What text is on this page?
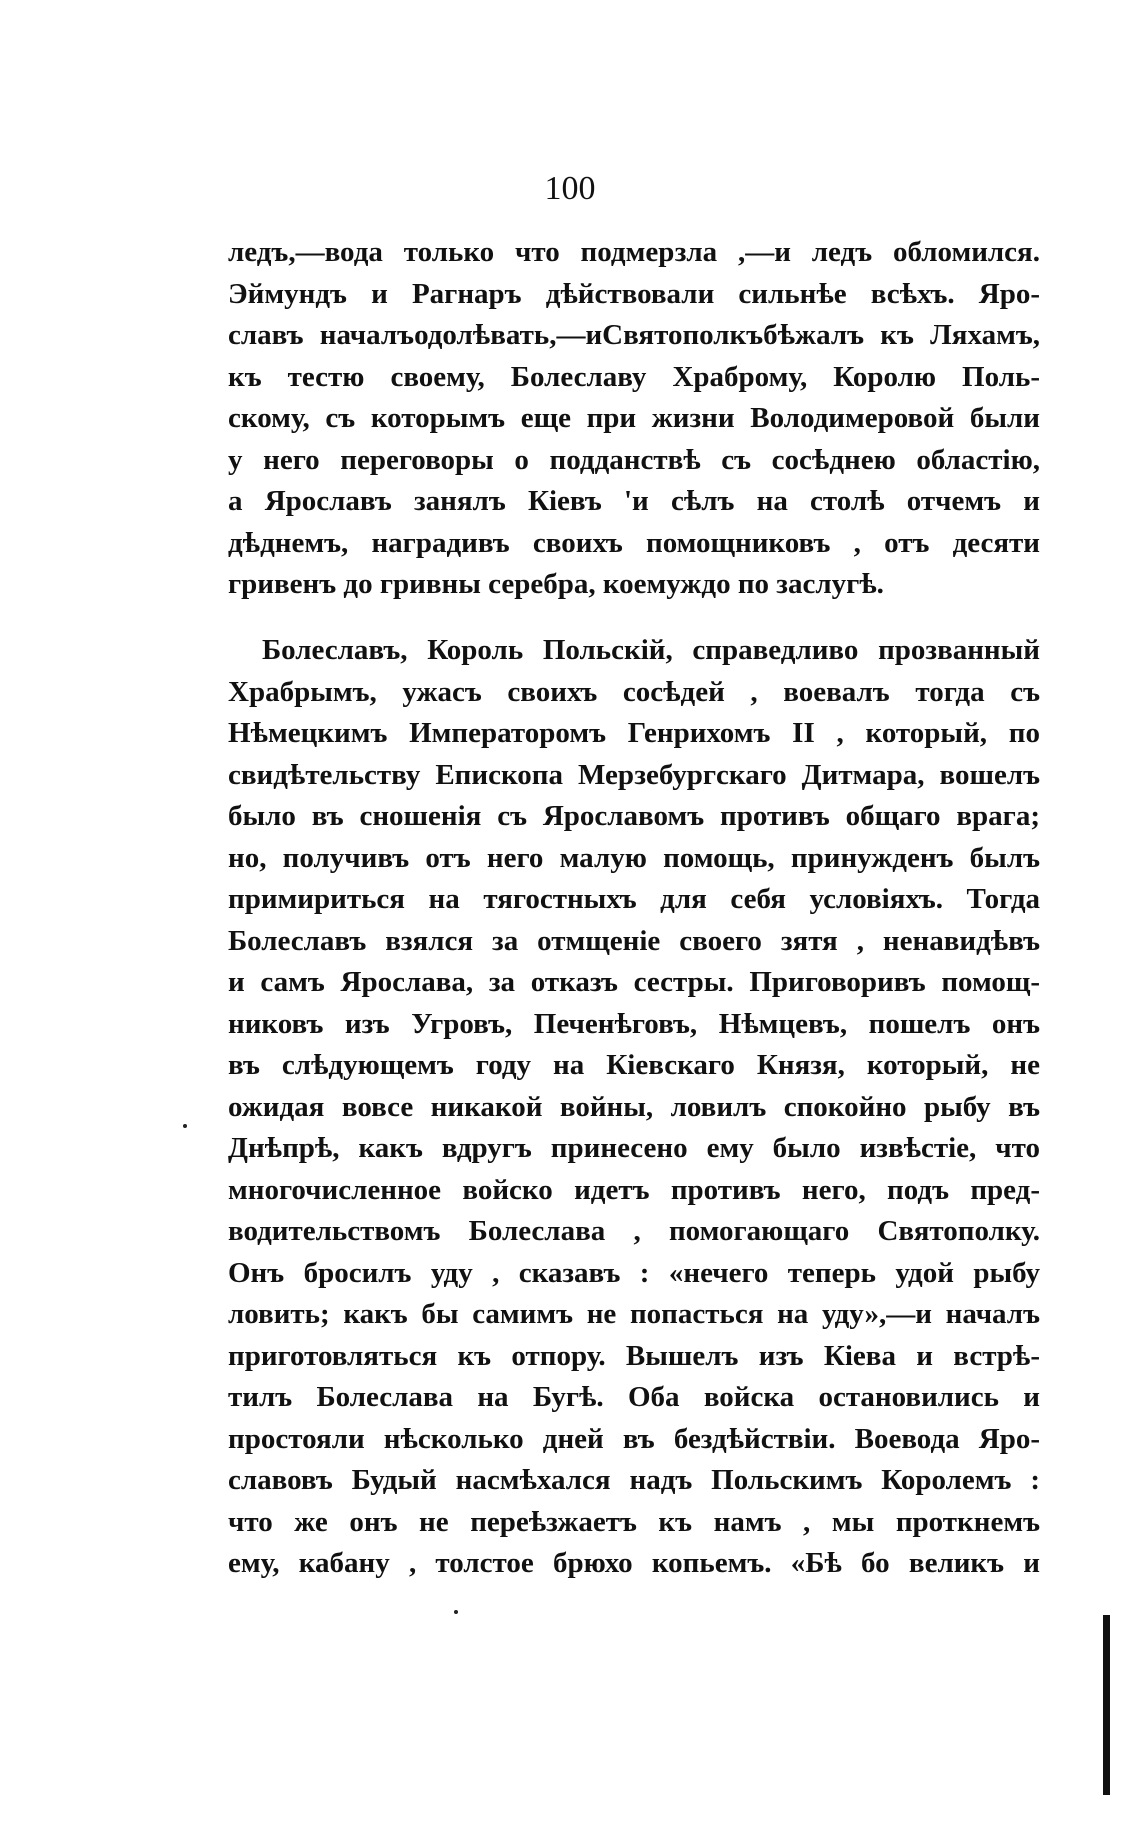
100
ледъ,—вода только что подмерзла ,—и ледъ обломился.
Эймундъ и Рагнаръ дѣйствовали сильнѣе всѣхъ. Яро-
славъ началъодолѣвать,—иСвятополкъбѣжалъ къ Ляхамъ,
къ тестю своему, Болеславу Храброму, Королю Поль-
скому, съ которымъ еще при жизни Володимеровой были
у него переговоры о подданствѣ съ сосѣднею областію,
а Ярославъ занялъ Кіевъ 'и сѣлъ на столѣ отчемъ и
дѣднемъ, наградивъ своихъ помощниковъ , отъ десяти
гривенъ до гривны серебра, коемуждо по заслугѣ.
Болеславъ, Король Польскій, справедливо прозванный
Храбрымъ, ужасъ своихъ сосѣдей , воевалъ тогда съ
Нѣмецкимъ Императоромъ Генрихомъ II , который, по
свидѣтельству Епископа Мерзебургскаго Дитмара, вошелъ
было въ сношенія съ Ярославомъ противъ общаго врага;
но, получивъ отъ него малую помощь, принужденъ былъ
примириться на тягостныхъ для себя условіяхъ. Тогда
Болеславъ взялся за отмщеніе своего зятя , ненавидѣвъ
и самъ Ярослава, за отказъ сестры. Приговоривъ помощ-
никовъ изъ Угровъ, Печенѣговъ, Нѣмцевъ, пошелъ онъ
въ слѣдующемъ году на Кіевскаго Князя, который, не
ожидая вовсе никакой войны, ловилъ спокойно рыбу въ
Днѣпрѣ, какъ вдругъ принесено ему было извѣстіе, что
многочисленное войско идетъ противъ него, подъ пред-
водительствомъ Болеслава , помогающаго Святополку.
Онъ бросилъ уду , сказавъ : «нечего теперь удой рыбу
ловить; какъ бы самимъ не попасться на уду»,—и началъ
приготовляться къ отпору. Вышелъ изъ Кіева и встрѣ-
тилъ Болеслава на Бугѣ. Оба войска остановились и
простояли нѣсколько дней въ бездѣйствіи. Воевода Яро-
славовъ Будый насмѣхался надъ Польскимъ Королемъ :
что же онъ не переѣзжаетъ къ намъ , мы проткнемъ
ему, кабану , толстое брюхо копьемъ. «Бѣ бо великъ и
